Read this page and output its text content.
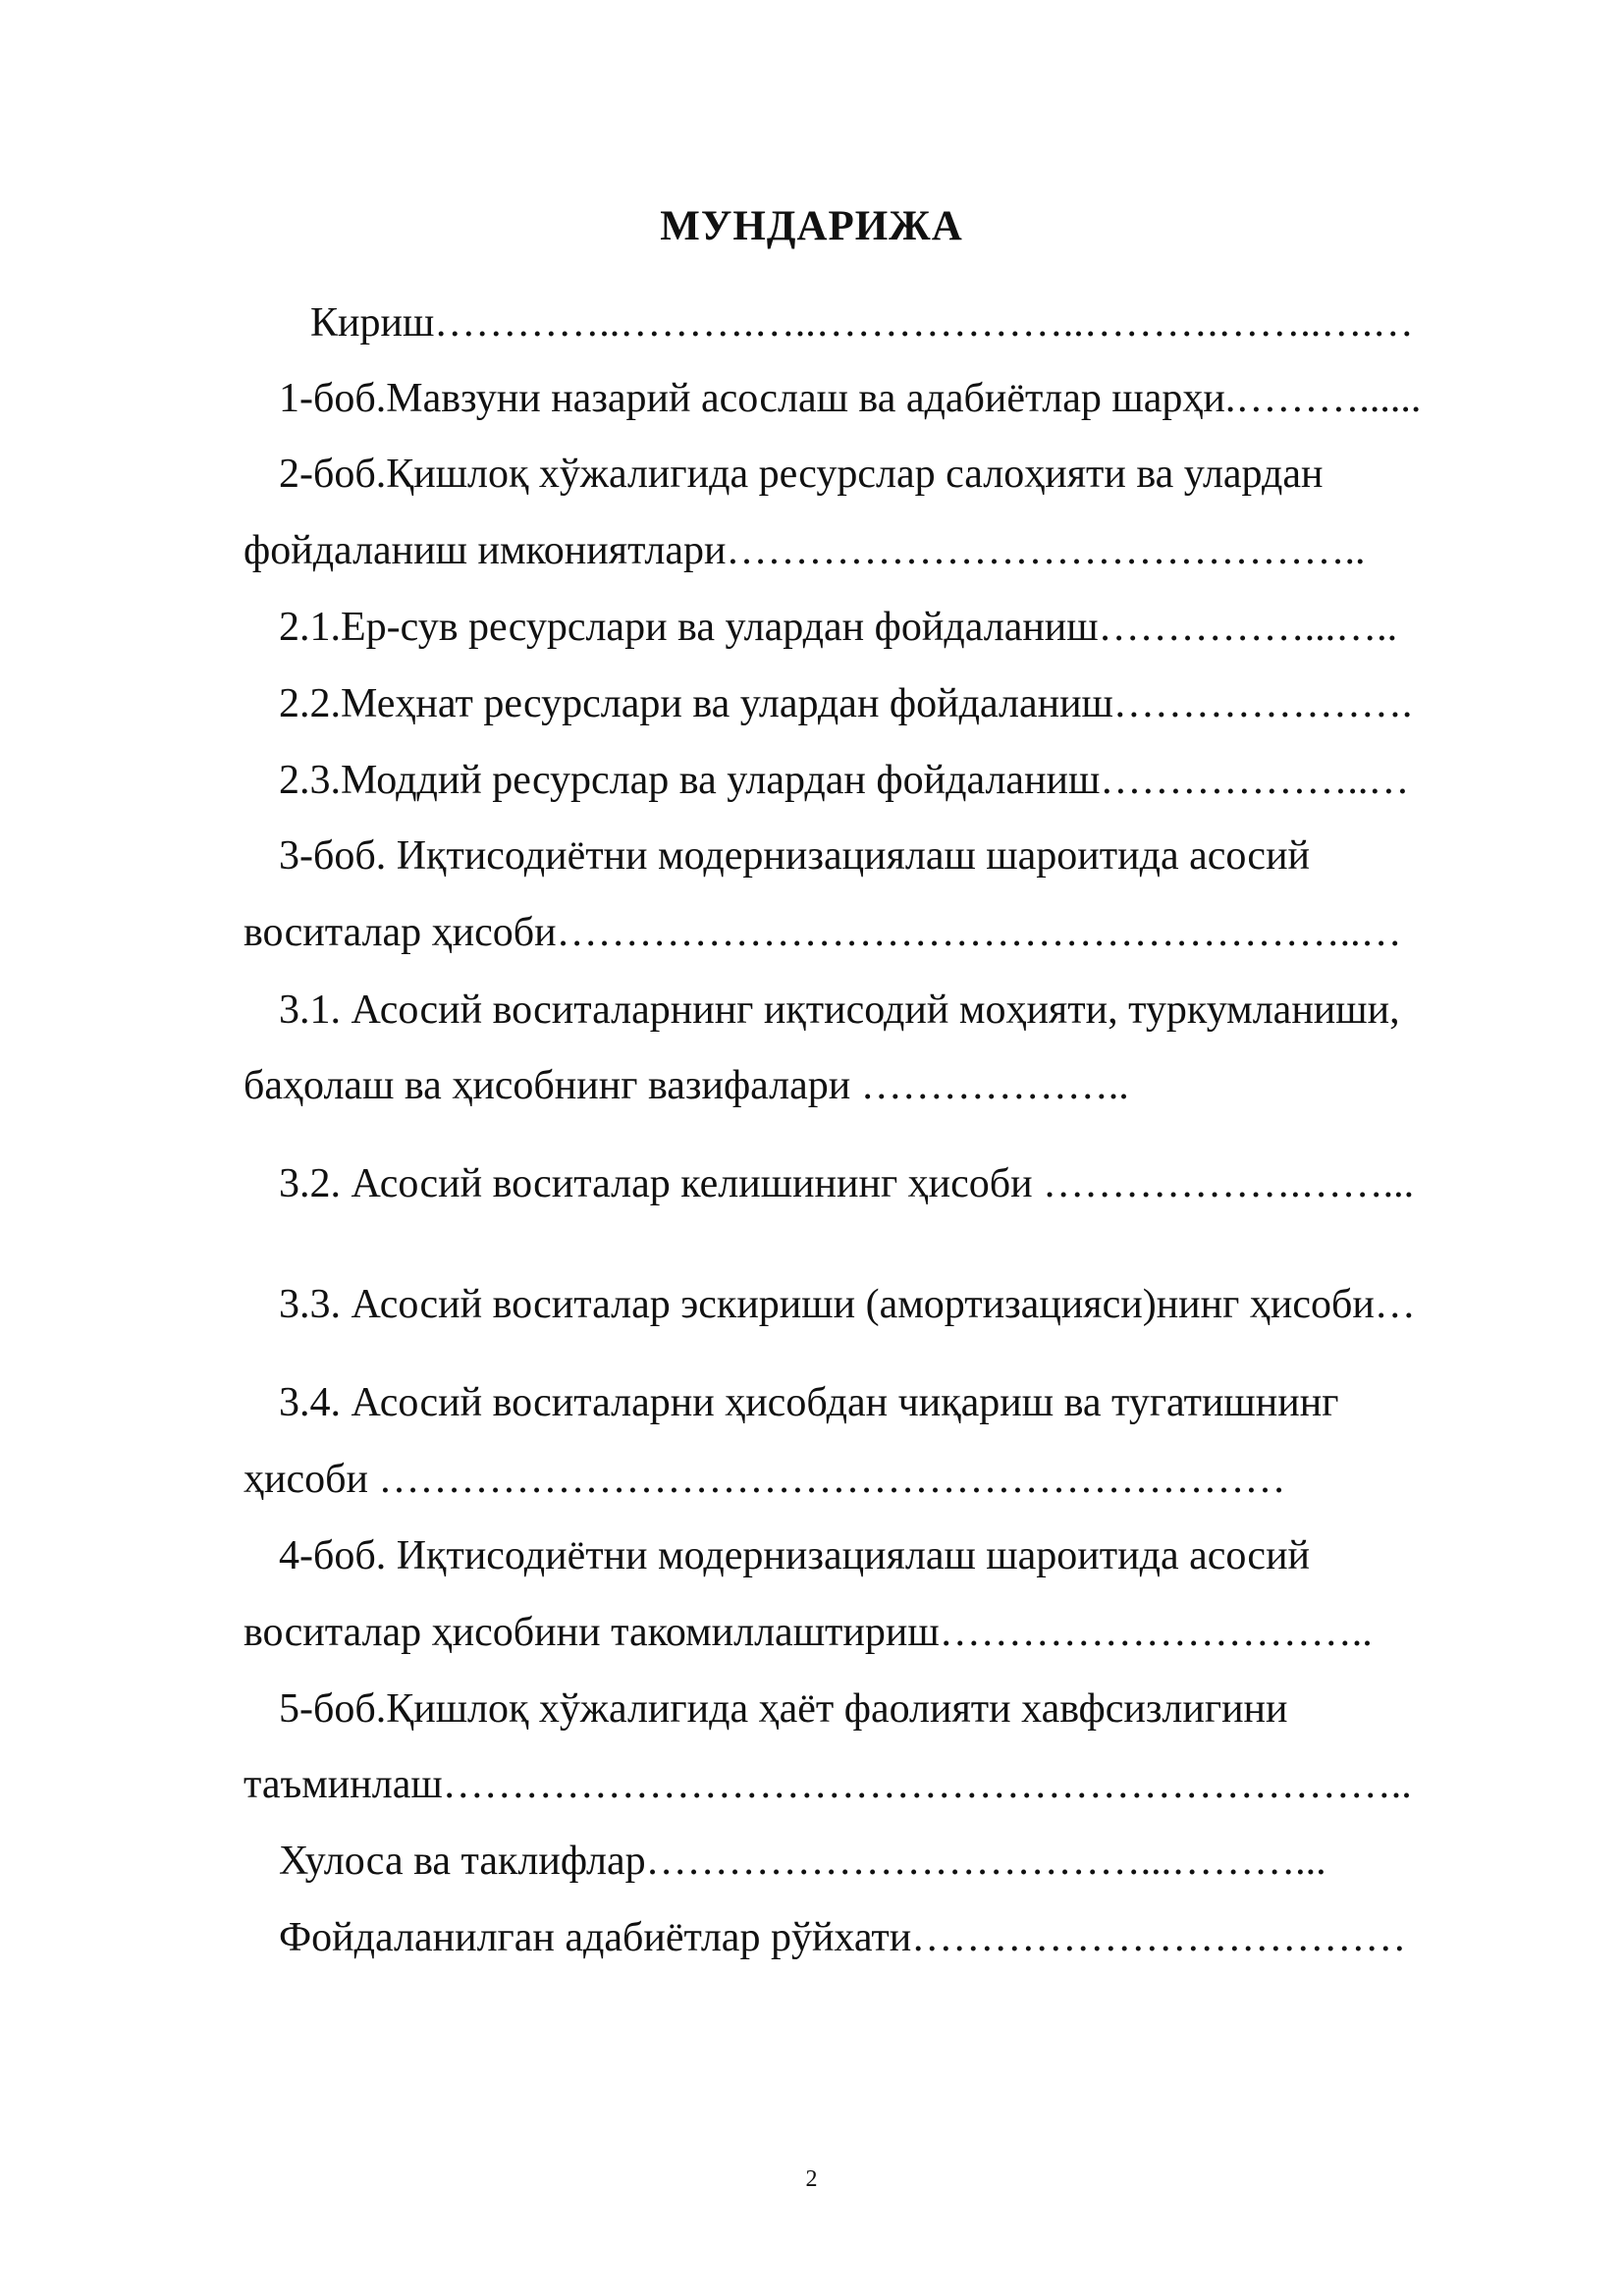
МУНДАРИЖА
Кириш…………..……….…..………………..……….……..….…
1-боб.Мавзуни назарий асослаш ва адабиётлар шарҳи.………......
2-боб.Қишлоқ хўжалигида ресурслар салоҳияти ва улардан
фойдаланиш имкониятлари………………………………………..
2.1.Ер-сув ресурслари ва улардан фойдаланиш……………...…..
2.2.Меҳнат ресурслари ва улардан фойдаланиш………………….
2.3.Моддий ресурслар ва улардан фойдаланиш………………..…
3-боб. Иқтисодиётни модернизациялаш шароитида асосий
воситалар ҳисоби…………………………………………………..…
3.1. Асосий воситаларнинг иқтисодий моҳияти, туркумланиши,
баҳолаш ва ҳисобнинг вазифалари ………………..
3.2. Асосий воситалар келишининг ҳисоби ……………….……...
3.3. Асосий воситалар эскириши (амортизацияси)нинг ҳисоби…
3.4. Асосий воситаларни ҳисобдан чиқариш ва тугатишнинг
ҳисоби …………………………………………………………
4-боб. Иқтисодиётни модернизациялаш шароитида асосий
воситалар ҳисобини такомиллаштириш…………………………..
5-боб.Қишлоқ хўжалигида ҳаёт фаолияти хавфсизлигини
таъминлаш……………………………………………………………..
Хулоса ва таклифлар………………………………...………...
Фойдаланилган адабиётлар рўйхати………………………………
2
